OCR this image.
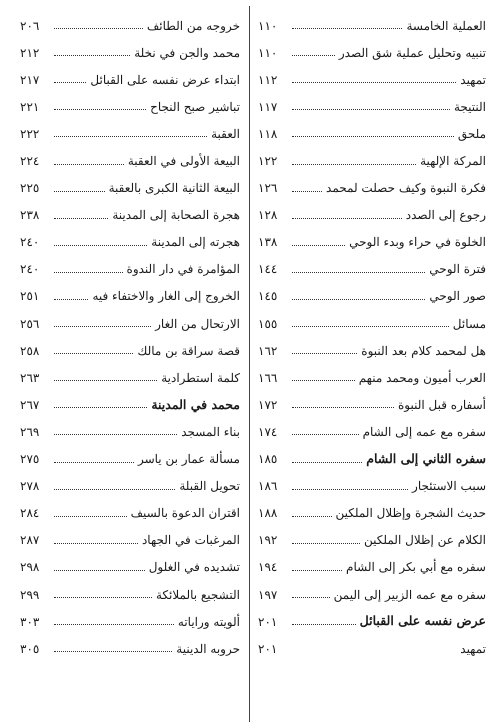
العملية الخامسة
١١٠
تنبيه وتحليل عملية شق الصدر
١١٠
تمهيد
١١٢
النتيجة
١١٧
ملحق
١١٨
المركة الإلهية
١٢٢
فكرة النبوة وكيف حصلت لمحمد
١٢٦
رجوع إلى الصدد
١٢٨
الخلوة في حراء وبدء الوحي
١٣٨
فترة الوحي
١٤٤
صور الوحي
١٤٥
مسائل
١٥٥
هل لمحمد كلام بعد النبوة
١٦٢
العرب أميون ومحمد منهم
١٦٦
أسفاره قبل النبوة
١٧٢
سفره مع عمه إلى الشام
١٧٤
سفره الثاني إلى الشام
١٨٥
سبب الاستئجار
١٨٦
حديث الشجرة وإظلال الملكين
١٨٨
الكلام عن إظلال الملكين
١٩٢
سفره مع أبي بكر إلى الشام
١٩٤
سفره مع عمه الزبير إلى اليمن
١٩٧
عرض نفسه على القبائل
٢٠١
تمهيد
٢٠١
خروجه من الطائف
٢٠٦
محمد والجن في نخلة
٢١٢
ابتداء عرض نفسه على القبائل
٢١٧
تباشير صبح النجاح
٢٢١
العقبة
٢٢٢
البيعة الأولى في العقبة
٢٢٤
البيعة الثانية الكبرى بالعقبة
٢٢٥
هجرة الصحابة إلى المدينة
٢٣٨
هجرته إلى المدينة
٢٤٠
المؤامرة في دار الندوة
٢٤٠
الخروج إلى الغار والاختفاء فيه
٢٥١
الارتحال من الغار
٢٥٦
قصة سراقة بن مالك
٢٥٨
كلمة استطرادية
٢٦٣
محمد في المدينة
٢٦٧
بناء المسجد
٢٦٩
مسألة عمار بن ياسر
٢٧٥
تحويل القبلة
٢٧٨
اقتران الدعوة بالسيف
٢٨٤
المرغبات في الجهاد
٢٨٧
تشديده في الغلول
٢٩٨
التشجيع بالملائكة
٢٩٩
ألويته وراياته
٣٠٣
حروبه الدينية
٣٠٥
